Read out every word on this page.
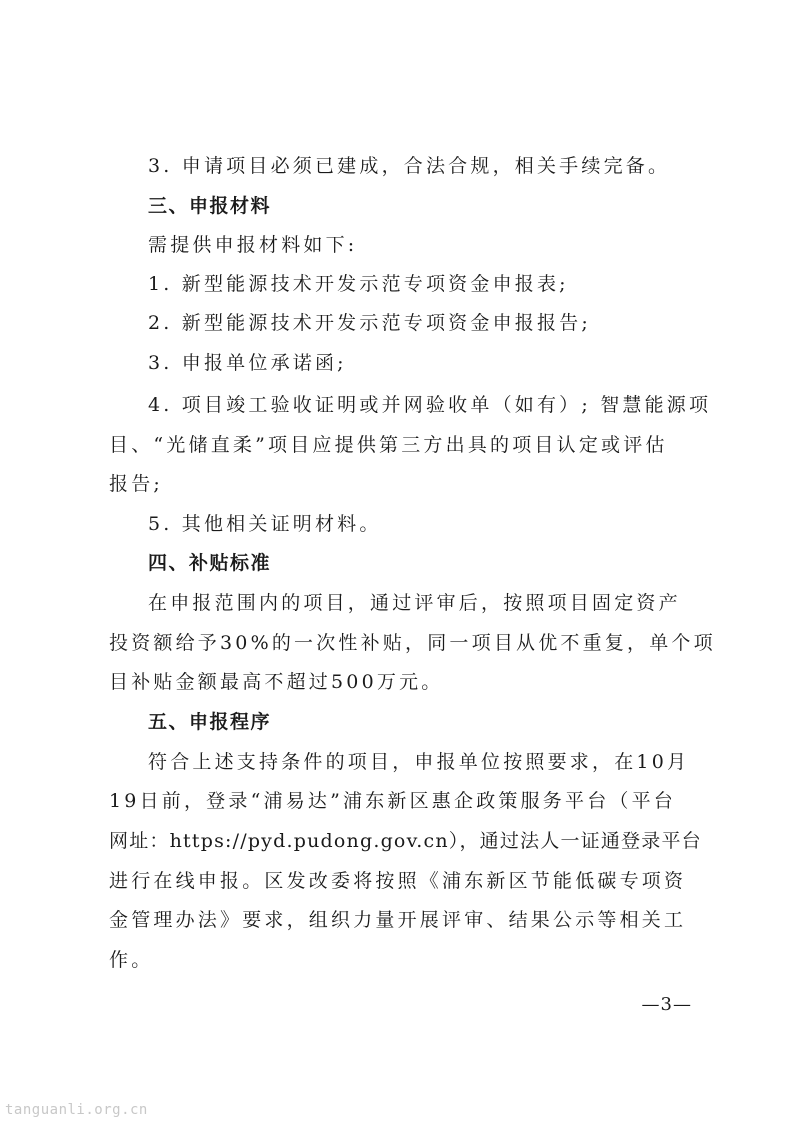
3. 申请项目必须已建成，合法合规，相关手续完备。
三、申报材料
需提供申报材料如下:
1. 新型能源技术开发示范专项资金申报表;
2. 新型能源技术开发示范专项资金申报报告;
3. 申报单位承诺函;
4. 项目竣工验收证明或并网验收单（如有）; 智慧能源项
目、“光储直柔”项目应提供第三方出具的项目认定或评估
报告;
5. 其他相关证明材料。
四、补贴标准
在申报范围内的项目，通过评审后，按照项目固定资产
投资额给予30%的一次性补贴，同一项目从优不重复，单个项
目补贴金额最高不超过500万元。
五、申报程序
符合上述支持条件的项目，申报单位按照要求，在10月
19日前，登录“浦易达”浦东新区惠企政策服务平台（平台
网址：https://pyd.pudong.gov.cn），通过法人一证通登录平台
进行在线申报。区发改委将按照《浦东新区节能低碳专项资
金管理办法》要求，组织力量开展评审、结果公示等相关工
作。
—3—
tanguanli.org.cn
